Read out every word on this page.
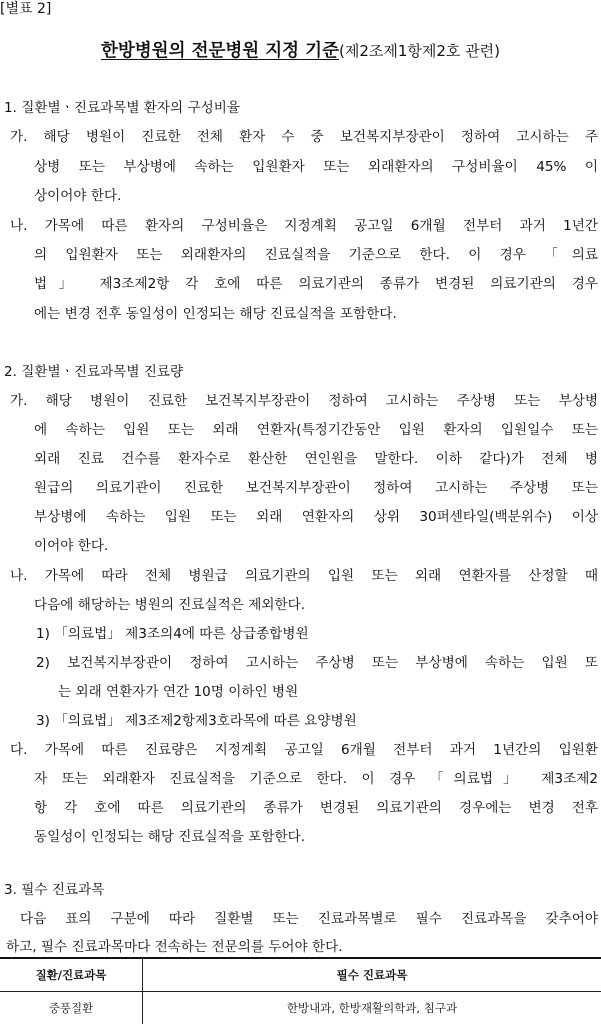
[별표 2]
한방병원의 전문병원 지정 기준(제2조제1항제2호 관련)
1. 질환별ㆍ진료과목별 환자의 구성비율
가. 해당 병원이 진료한 전체 환자 수 중 보건복지부장관이 정하여 고시하는 주
상병 또는 부상병에 속하는 입원환자 또는 외래환자의 구성비율이 45% 이
상이어야 한다.
나. 가목에 따른 환자의 구성비율은 지정계획 공고일 6개월 전부터 과거 1년간
의 입원환자 또는 외래환자의 진료실적을 기준으로 한다. 이 경우 「의료
법」 제3조제2항 각 호에 따른 의료기관의 종류가 변경된 의료기관의 경우
에는 변경 전후 동일성이 인정되는 해당 진료실적을 포함한다.
2. 질환별ㆍ진료과목별 진료량
가. 해당 병원이 진료한 보건복지부장관이 정하여 고시하는 주상병 또는 부상병
에 속하는 입원 또는 외래 연환자(특정기간동안 입원 환자의 입원일수 또는
외래 진료 건수를 환자수로 환산한 연인원을 말한다. 이하 같다)가 전체 병
원급의 의료기관이 진료한 보건복지부장관이 정하여 고시하는 주상병 또는
부상병에 속하는 입원 또는 외래 연환자의 상위 30퍼센타일(백분위수) 이상
이어야 한다.
나. 가목에 따라 전체 병원급 의료기관의 입원 또는 외래 연환자를 산정할 때
다음에 해당하는 병원의 진료실적은 제외한다.
1) 「의료법」 제3조의4에 따른 상급종합병원
2) 보건복지부장관이 정하여 고시하는 주상병 또는 부상병에 속하는 입원 또
는 외래 연환자가 연간 10명 이하인 병원
3) 「의료법」 제3조제2항제3호라목에 따른 요양병원
다. 가목에 따른 진료량은 지정계획 공고일 6개월 전부터 과거 1년간의 입원환
자 또는 외래환자 진료실적을 기준으로 한다. 이 경우 「의료법」 제3조제2
항 각 호에 따른 의료기관의 종류가 변경된 의료기관의 경우에는 변경 전후
동일성이 인정되는 해당 진료실적을 포함한다.
3. 필수 진료과목
다음 표의 구분에 따라 질환별 또는 진료과목별로 필수 진료과목을 갖추어야
하고, 필수 진료과목마다 전속하는 전문의를 두어야 한다.
질환/진료과목	필수 진료과목
중풍질환	한방내과, 한방재활의학과, 침구과
